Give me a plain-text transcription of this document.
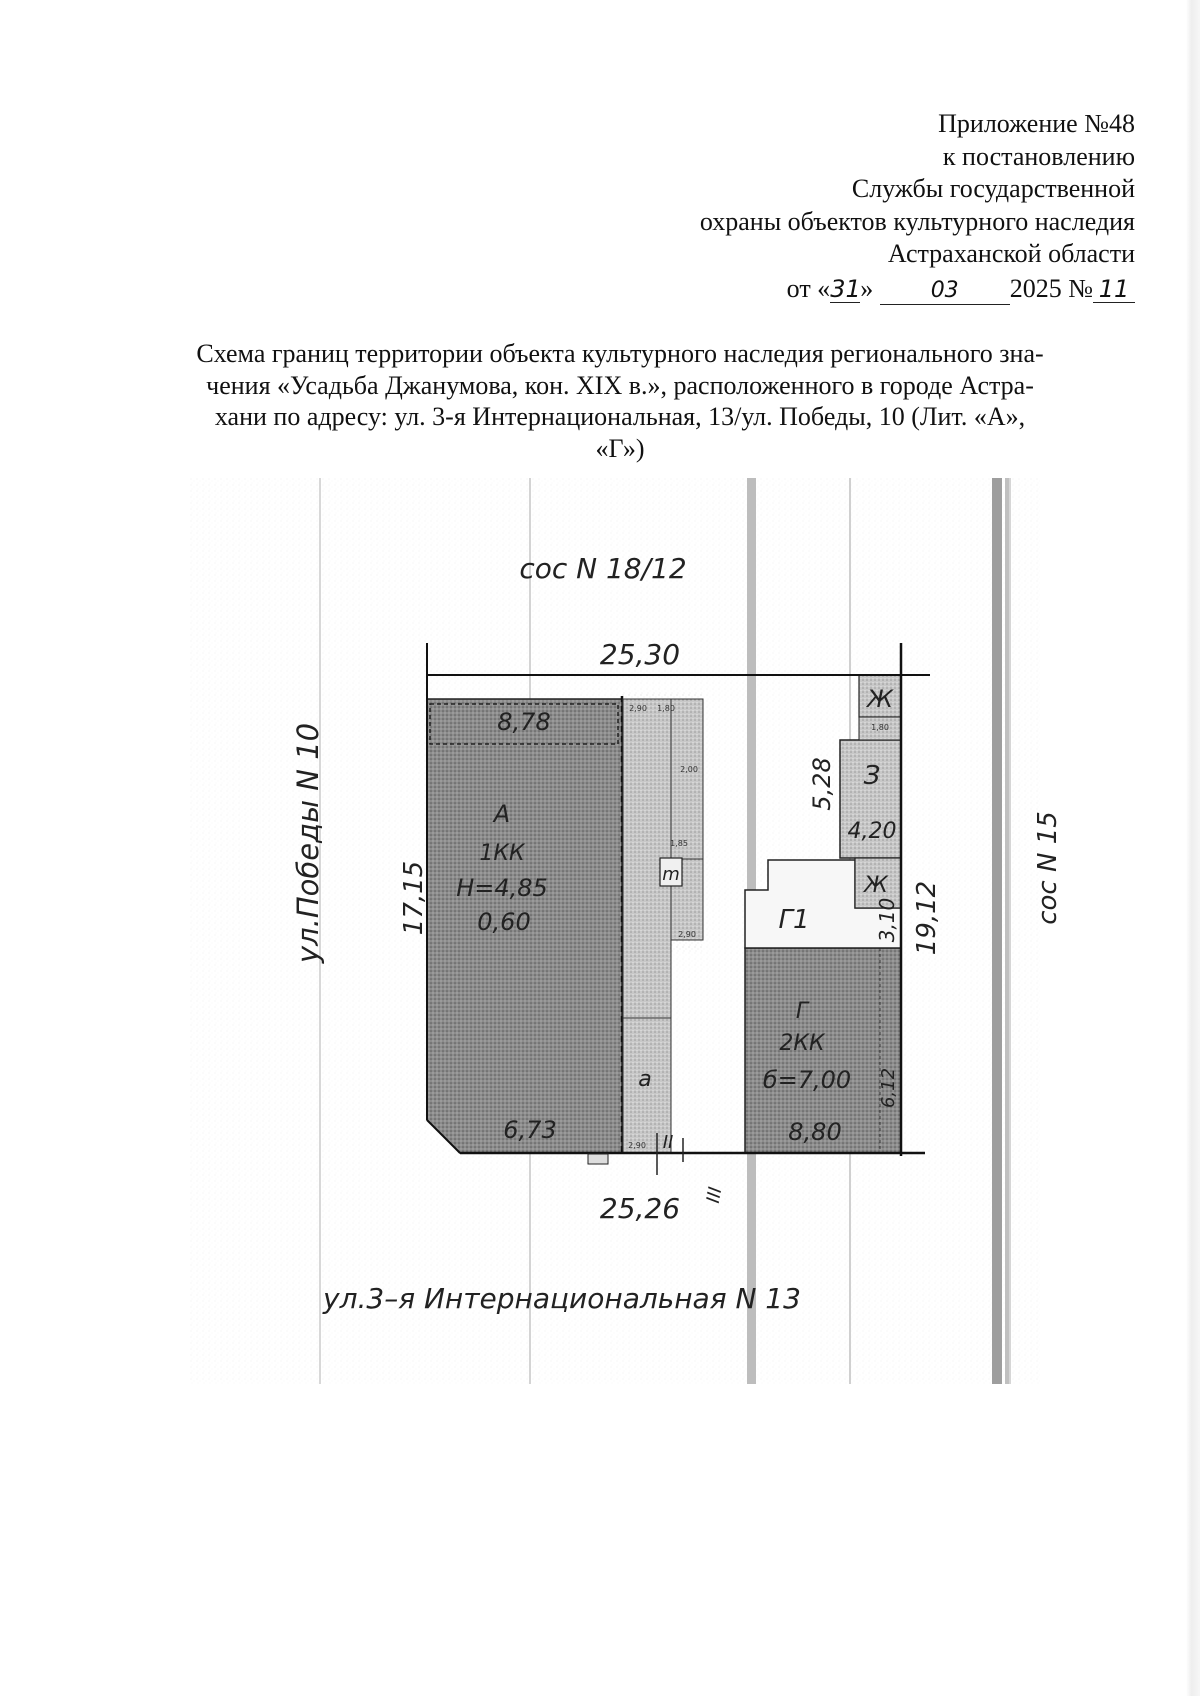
Приложение №48
к постановлению
Службы государственной
охраны объектов культурного наследия
Астраханской области
от «31»	03 2025 № 11
Схема границ территории объекта культурного наследия регионального зна-
чения «Усадьба Джанумова, кон. XIX в.», расположенного в городе Астра-
хани по адресу: ул. 3-я Интернациональная, 13/ул. Победы, 10 (Лит. «А»,
«Г»)
сос N 18/12
сос N 15
ул.Победы N 10
ул.3–я Интернациональная N 13
25,30
25,26
17,15	19,12
8,78
А
1КК
Н=4,85
0,60
6,73
Г
2КК
б=7,00
8,80
6,12
Г1
Ж
З
4,20
5,28
Ж
3,10
m
а
II
III
2,90 1,80
1,80
2,00
1,85
2,90
2,90
